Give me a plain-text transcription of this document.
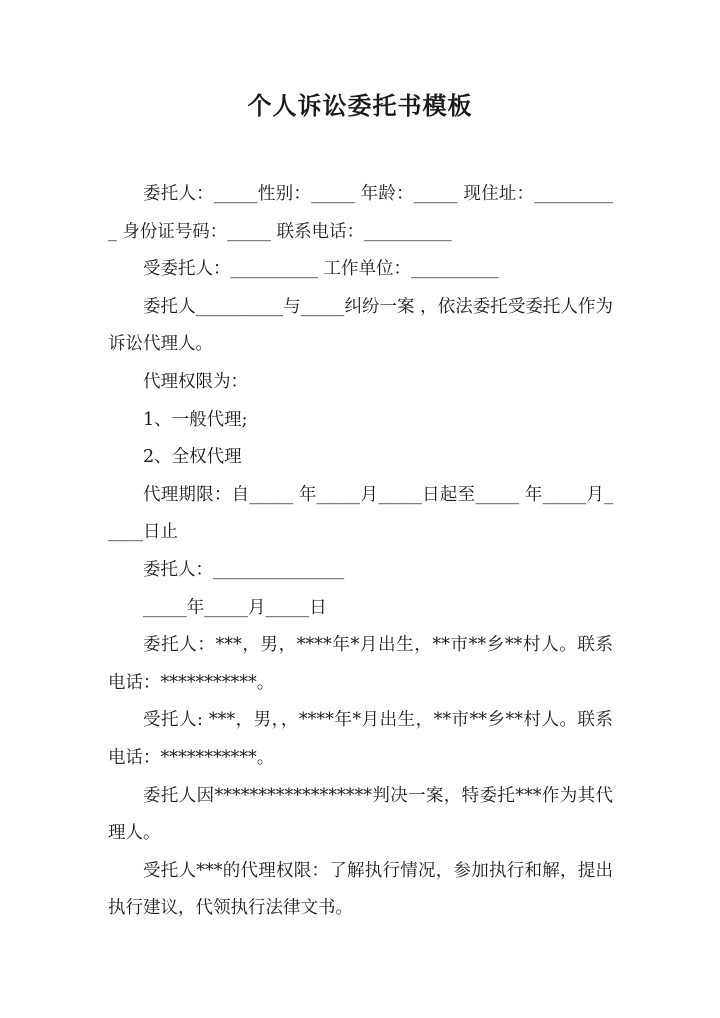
个人诉讼委托书模板

委托人：_____性别：_____ 年龄：_____ 现住址：__________ 身份证号码：_____ 联系电话：__________

受委托人：__________ 工作单位：__________

委托人__________与_____纠纷一案 ，依法委托受委托人作为诉讼代理人。

代理权限为：

1、一般代理;

2、全权代理

代理期限：自_____ 年_____月_____日起至_____ 年_____月_____日止

委托人：_______________

_____年_____月_____日

委托人：***，男，****年*月出生，**市**乡**村人。联系电话：***********。

受托人: ***，男，，****年*月出生，**市**乡**村人。联系电话：***********。

委托人因******************判决一案，特委托***作为其代理人。

受托人***的代理权限：了解执行情况，参加执行和解，提出执行建议，代领执行法律文书。
